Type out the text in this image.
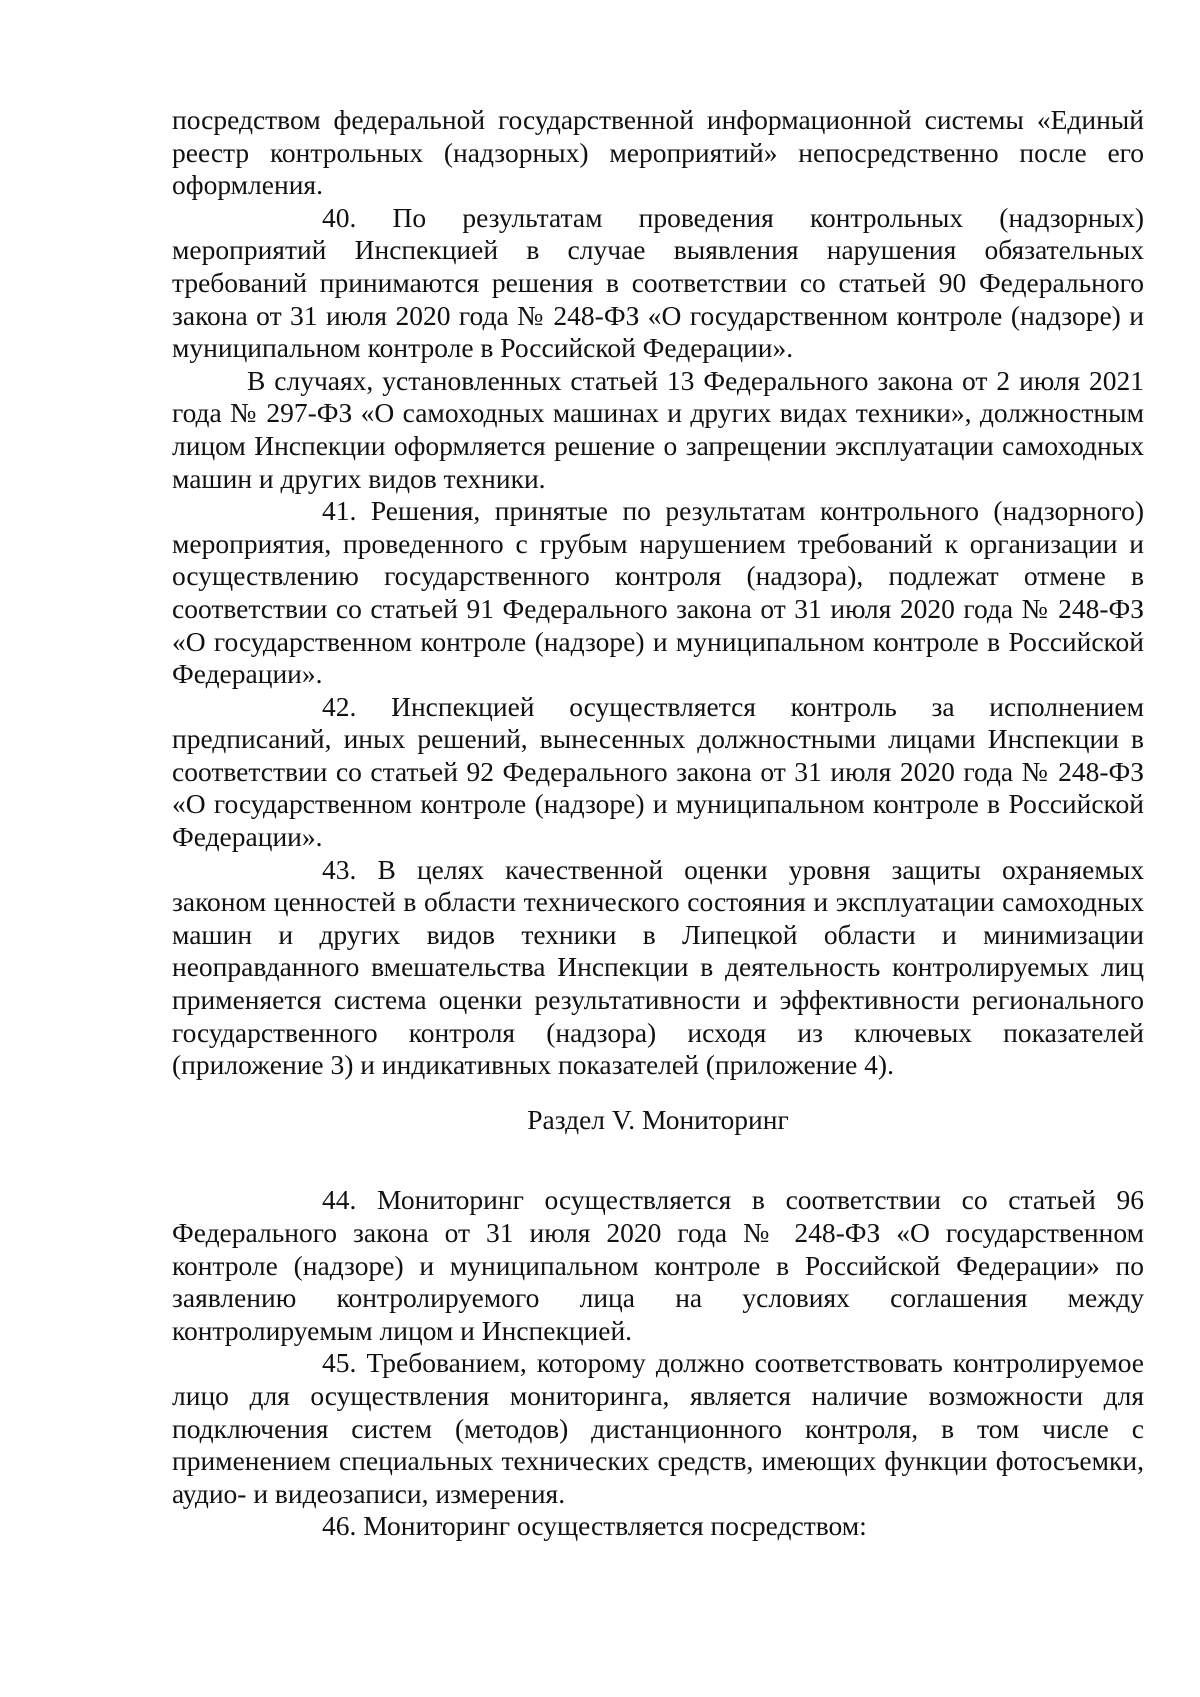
посредством федеральной государственной информационной системы «Единый реестр контрольных (надзорных) мероприятий» непосредственно после его оформления.

40. По результатам проведения контрольных (надзорных) мероприятий Инспекцией в случае выявления нарушения обязательных требований принимаются решения в соответствии со статьей 90 Федерального закона от 31 июля 2020 года № 248-ФЗ «О государственном контроле (надзоре) и муниципальном контроле в Российской Федерации».

В случаях, установленных статьей 13 Федерального закона от 2 июля 2021 года № 297-ФЗ «О самоходных машинах и других видах техники», должностным лицом Инспекции оформляется решение о запрещении эксплуатации самоходных машин и других видов техники.

41. Решения, принятые по результатам контрольного (надзорного) мероприятия, проведенного с грубым нарушением требований к организации и осуществлению государственного контроля (надзора), подлежат отмене в соответствии со статьей 91 Федерального закона от 31 июля 2020 года № 248-ФЗ «О государственном контроле (надзоре) и муниципальном контроле в Российской Федерации».

42. Инспекцией осуществляется контроль за исполнением предписаний, иных решений, вынесенных должностными лицами Инспекции в соответствии со статьей 92 Федерального закона от 31 июля 2020 года № 248-ФЗ «О государственном контроле (надзоре) и муниципальном контроле в Российской Федерации».

43. В целях качественной оценки уровня защиты охраняемых законом ценностей в области технического состояния и эксплуатации самоходных машин и других видов техники в Липецкой области и минимизации неоправданного вмешательства Инспекции в деятельность контролируемых лиц применяется система оценки результативности и эффективности регионального государственного контроля (надзора) исходя из ключевых показателей (приложение 3) и индикативных показателей (приложение 4).

Раздел V. Мониторинг

44. Мониторинг осуществляется в соответствии со статьей 96 Федерального закона от 31 июля 2020 года № 248-ФЗ «О государственном контроле (надзоре) и муниципальном контроле в Российской Федерации» по заявлению контролируемого лица на условиях соглашения между контролируемым лицом и Инспекцией.

45. Требованием, которому должно соответствовать контролируемое лицо для осуществления мониторинга, является наличие возможности для подключения систем (методов) дистанционного контроля, в том числе с применением специальных технических средств, имеющих функции фотосъемки, аудио- и видеозаписи, измерения.

46. Мониторинг осуществляется посредством:
